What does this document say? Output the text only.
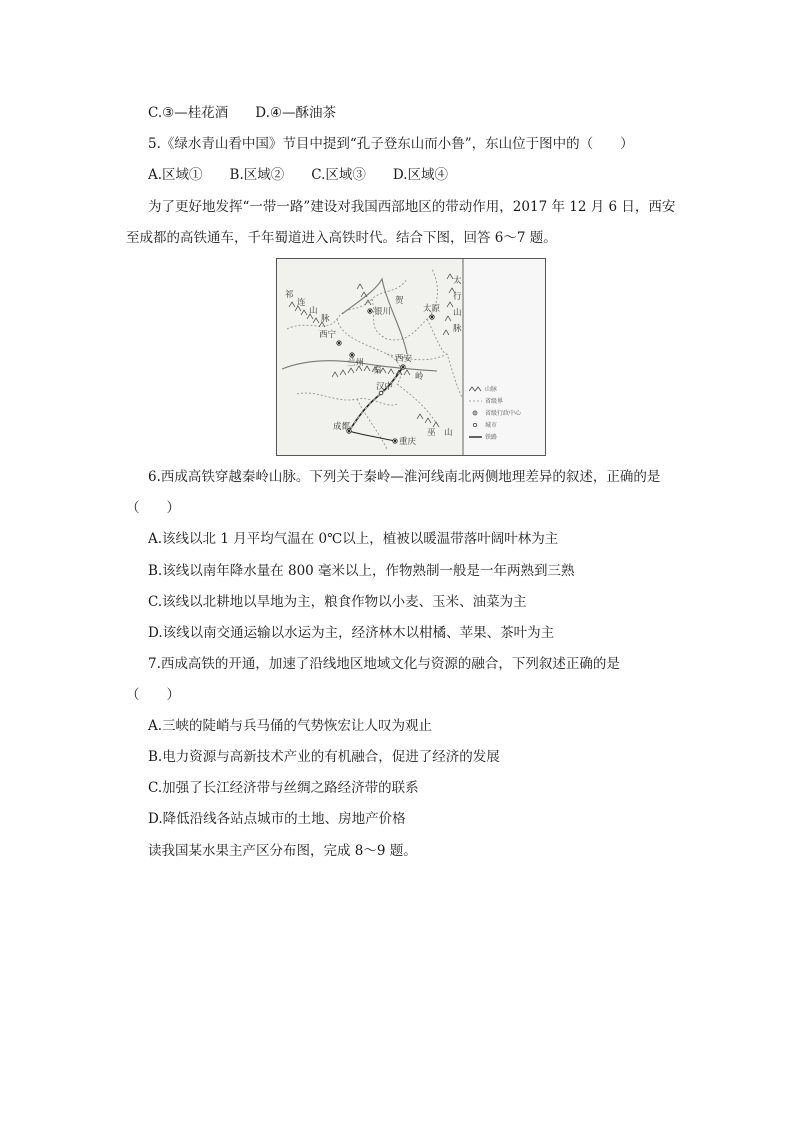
C.③—桂花酒　　D.④—酥油茶
5.《绿水青山看中国》节目中提到“孔子登东山而小鲁”，东山位于图中的（　　）
A.区域①　　B.区域②　　C.区域③　　D.区域④
为了更好地发挥“一带一路”建设对我国西部地区的带动作用，2017 年 12 月 6 日，西安
至成都的高铁通车，千年蜀道进入高铁时代。结合下图，回答 6～7 题。
银川
西宁
兰州	西安
汉中
成都
重庆
太原
祁
连
山
脉
贺
太
行
山
脉
秦
岭
巫　山
山脉
省级界
省级行政中心
城市
铁路
6.西成高铁穿越秦岭山脉。下列关于秦岭—淮河线南北两侧地理差异的叙述，正确的是
（　　）
A.该线以北 1 月平均气温在 0℃以上，植被以暖温带落叶阔叶林为主
B.该线以南年降水量在 800 毫米以上，作物熟制一般是一年两熟到三熟
C.该线以北耕地以旱地为主，粮食作物以小麦、玉米、油菜为主
D.该线以南交通运输以水运为主，经济林木以柑橘、苹果、茶叶为主
7.西成高铁的开通，加速了沿线地区地域文化与资源的融合，下列叙述正确的是
（　　）
A.三峡的陡峭与兵马俑的气势恢宏让人叹为观止
B.电力资源与高新技术产业的有机融合，促进了经济的发展
C.加强了长江经济带与丝绸之路经济带的联系
D.降低沿线各站点城市的土地、房地产价格
读我国某水果主产区分布图，完成 8～9 题。
